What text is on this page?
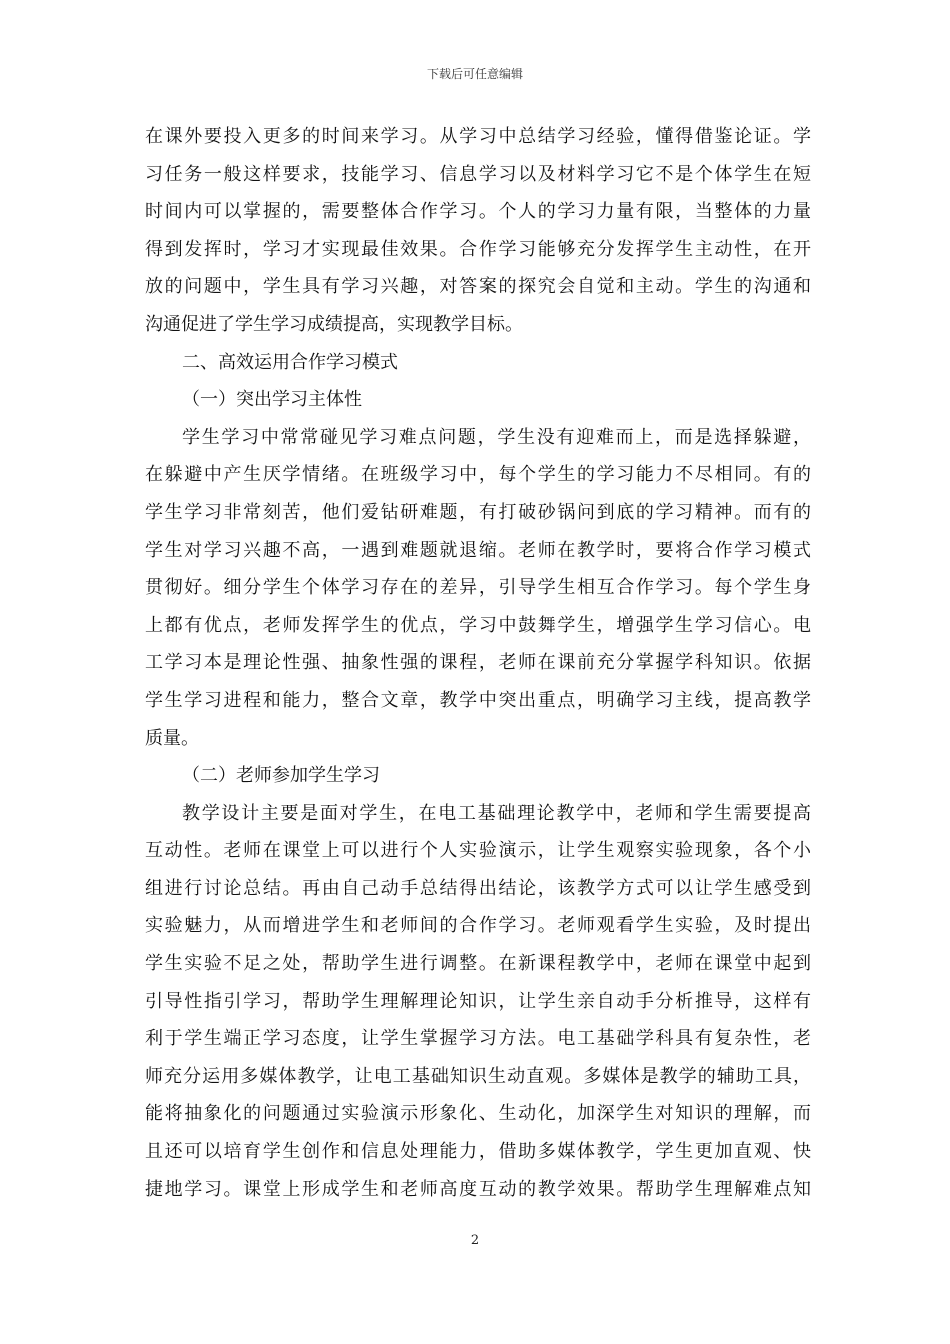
下载后可任意编辑
在课外要投入更多的时间来学习。从学习中总结学习经验，懂得借鉴论证。学
习任务一般这样要求，技能学习、信息学习以及材料学习它不是个体学生在短
时间内可以掌握的，需要整体合作学习。个人的学习力量有限，当整体的力量
得到发挥时，学习才实现最佳效果。合作学习能够充分发挥学生主动性，在开
放的问题中，学生具有学习兴趣，对答案的探究会自觉和主动。学生的沟通和
沟通促进了学生学习成绩提高，实现教学目标。
二、高效运用合作学习模式
（一）突出学习主体性
学生学习中常常碰见学习难点问题，学生没有迎难而上，而是选择躲避，
在躲避中产生厌学情绪。在班级学习中，每个学生的学习能力不尽相同。有的
学生学习非常刻苦，他们爱钻研难题，有打破砂锅问到底的学习精神。而有的
学生对学习兴趣不高，一遇到难题就退缩。老师在教学时，要将合作学习模式
贯彻好。细分学生个体学习存在的差异，引导学生相互合作学习。每个学生身
上都有优点，老师发挥学生的优点，学习中鼓舞学生，增强学生学习信心。电
工学习本是理论性强、抽象性强的课程，老师在课前充分掌握学科知识。依据
学生学习进程和能力，整合文章，教学中突出重点，明确学习主线，提高教学
质量。
（二）老师参加学生学习
教学设计主要是面对学生，在电工基础理论教学中，老师和学生需要提高
互动性。老师在课堂上可以进行个人实验演示，让学生观察实验现象，各个小
组进行讨论总结。再由自己动手总结得出结论，该教学方式可以让学生感受到
实验魅力，从而增进学生和老师间的合作学习。老师观看学生实验，及时提出
学生实验不足之处，帮助学生进行调整。在新课程教学中，老师在课堂中起到
引导性指引学习，帮助学生理解理论知识，让学生亲自动手分析推导，这样有
利于学生端正学习态度，让学生掌握学习方法。电工基础学科具有复杂性，老
师充分运用多媒体教学，让电工基础知识生动直观。多媒体是教学的辅助工具，
能将抽象化的问题通过实验演示形象化、生动化，加深学生对知识的理解，而
且还可以培育学生创作和信息处理能力，借助多媒体教学，学生更加直观、快
捷地学习。课堂上形成学生和老师高度互动的教学效果。帮助学生理解难点知
2
